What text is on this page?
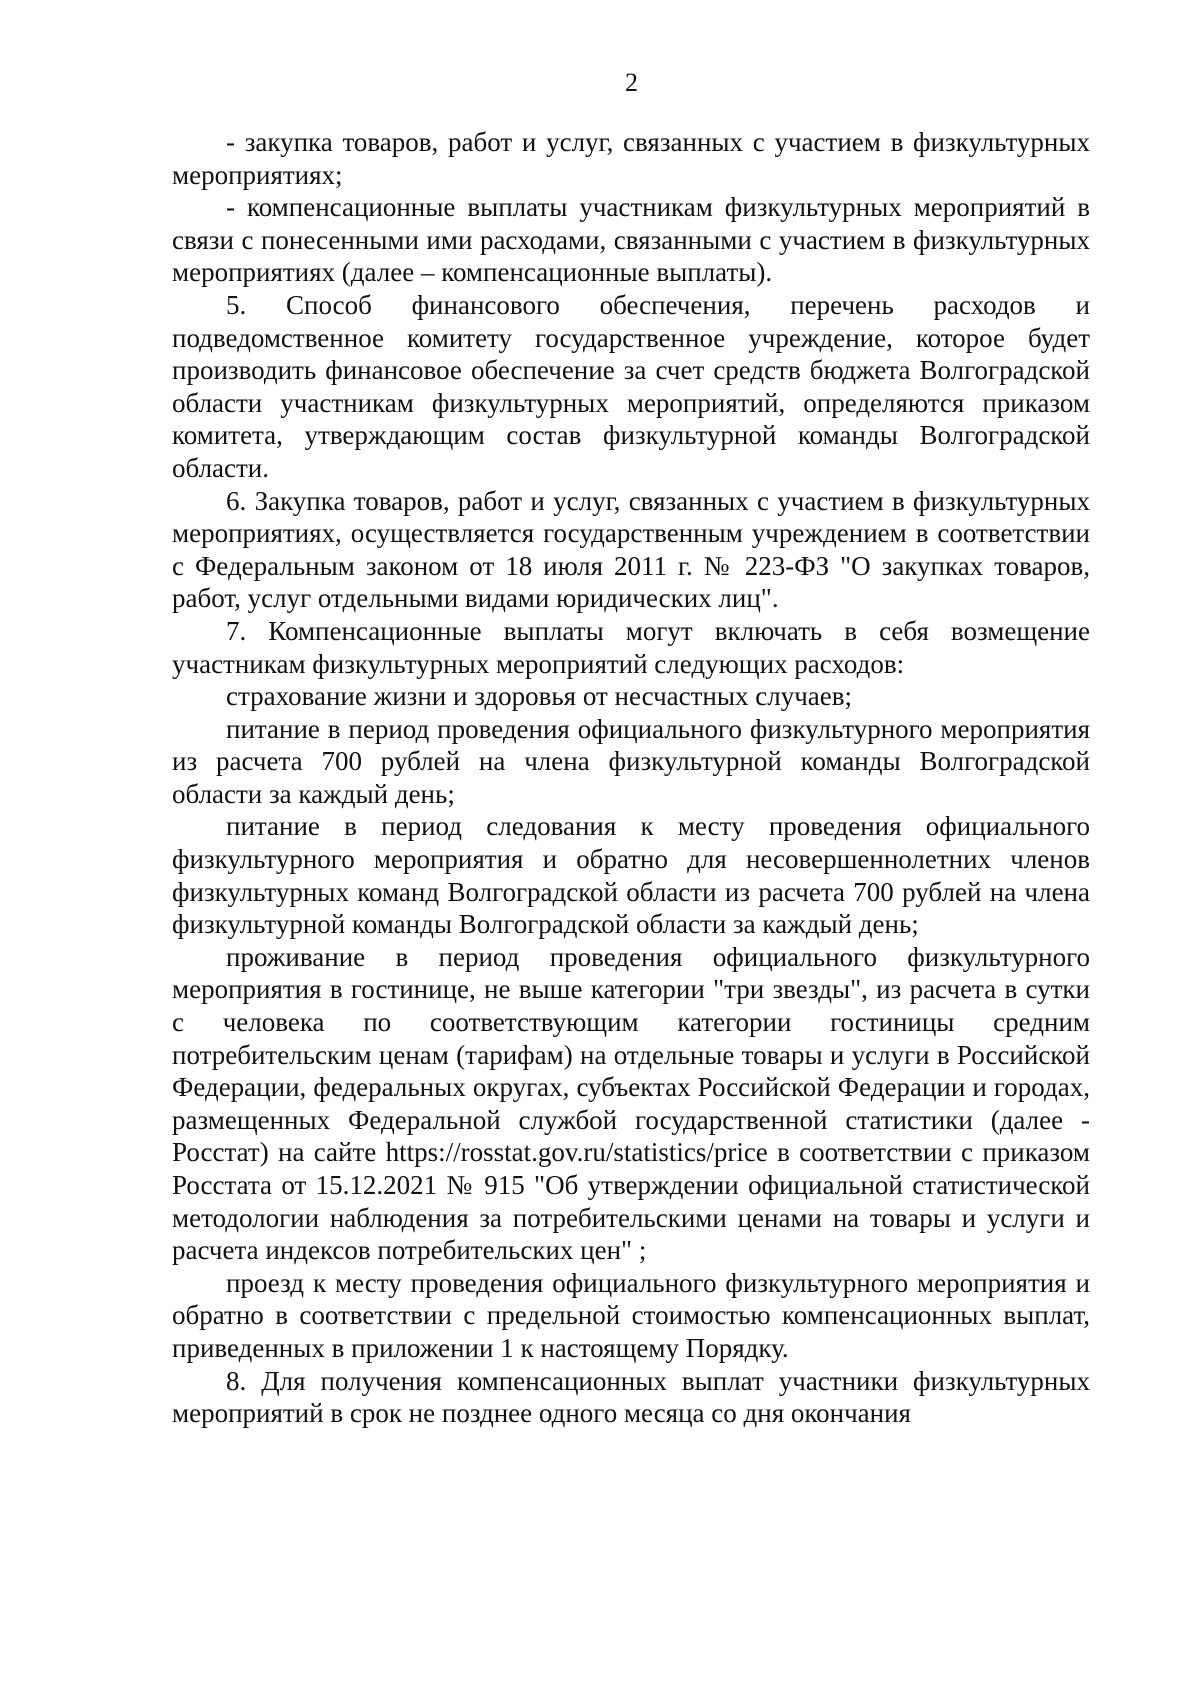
2

- закупка товаров, работ и услуг, связанных с участием в физкультурных мероприятиях;

- компенсационные выплаты участникам физкультурных мероприятий в связи с понесенными ими расходами, связанными с участием в физкультурных мероприятиях (далее – компенсационные выплаты).

5. Способ финансового обеспечения, перечень расходов и подведомственное комитету государственное учреждение, которое будет производить финансовое обеспечение за счет средств бюджета Волгоградской области участникам физкультурных мероприятий, определяются приказом комитета, утверждающим состав физкультурной команды Волгоградской области.

6. Закупка товаров, работ и услуг, связанных с участием в физкультурных мероприятиях, осуществляется государственным учреждением в соответствии с Федеральным законом от 18 июля 2011 г. № 223-ФЗ "О закупках товаров, работ, услуг отдельными видами юридических лиц".

7. Компенсационные выплаты могут включать в себя возмещение участникам физкультурных мероприятий следующих расходов:

страхование жизни и здоровья от несчастных случаев;

питание в период проведения официального физкультурного мероприятия из расчета 700 рублей на члена физкультурной команды Волгоградской области за каждый день;

питание в период следования к месту проведения официального физкультурного мероприятия и обратно для несовершеннолетних членов физкультурных команд Волгоградской области из расчета 700 рублей на члена физкультурной команды Волгоградской области за каждый день;

проживание в период проведения официального физкультурного мероприятия в гостинице, не выше категории "три звезды", из расчета в сутки с человека по соответствующим категории гостиницы средним потребительским ценам (тарифам) на отдельные товары и услуги в Российской Федерации, федеральных округах, субъектах Российской Федерации и городах, размещенных Федеральной службой государственной статистики (далее - Росстат) на сайте https://rosstat.gov.ru/statistics/price в соответствии с приказом Росстата от 15.12.2021 № 915 "Об утверждении официальной статистической методологии наблюдения за потребительскими ценами на товары и услуги и расчета индексов потребительских цен" ;

проезд к месту проведения официального физкультурного мероприятия и обратно в соответствии с предельной стоимостью компенсационных выплат, приведенных в приложении 1 к настоящему Порядку.

8. Для получения компенсационных выплат участники физкультурных мероприятий в срок не позднее одного месяца со дня окончания
